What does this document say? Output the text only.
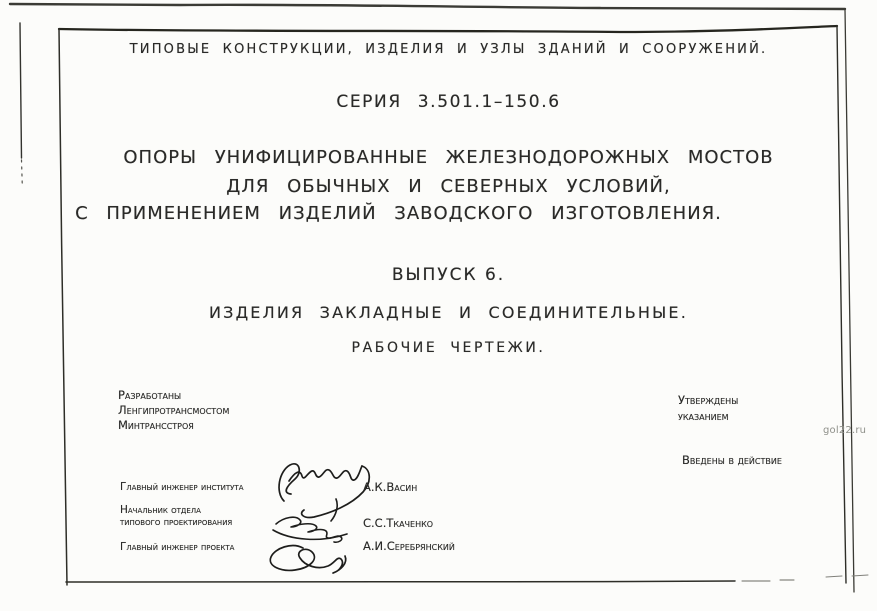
ТИПОВЫЕ КОНСТРУКЦИИ, ИЗДЕЛИЯ И УЗЛЫ ЗДАНИЙ И СООРУЖЕНИЙ.
СЕРИЯ 3.501.1–150.6
ОПОРЫ УНИФИЦИРОВАННЫЕ ЖЕЛЕЗНОДОРОЖНЫХ МОСТОВ
ДЛЯ ОБЫЧНЫХ И СЕВЕРНЫХ УСЛОВИЙ,
С ПРИМЕНЕНИЕМ ИЗДЕЛИЙ ЗАВОДСКОГО ИЗГОТОВЛЕНИЯ.
ВЫПУСК 6.
ИЗДЕЛИЯ ЗАКЛАДНЫЕ И СОЕДИНИТЕЛЬНЫЕ.
РАБОЧИЕ ЧЕРТЕЖИ.
Разработаны
Ленгипротрансмостом
Минтрансстроя
Утверждены
указанием
Введены в действие
Главный инженер института	А.К.Васин
Начальник отдела
типового проектирования	С.С.Ткаченко
Главный инженер проекта	А.И.Серебрянский
gol22.ru
